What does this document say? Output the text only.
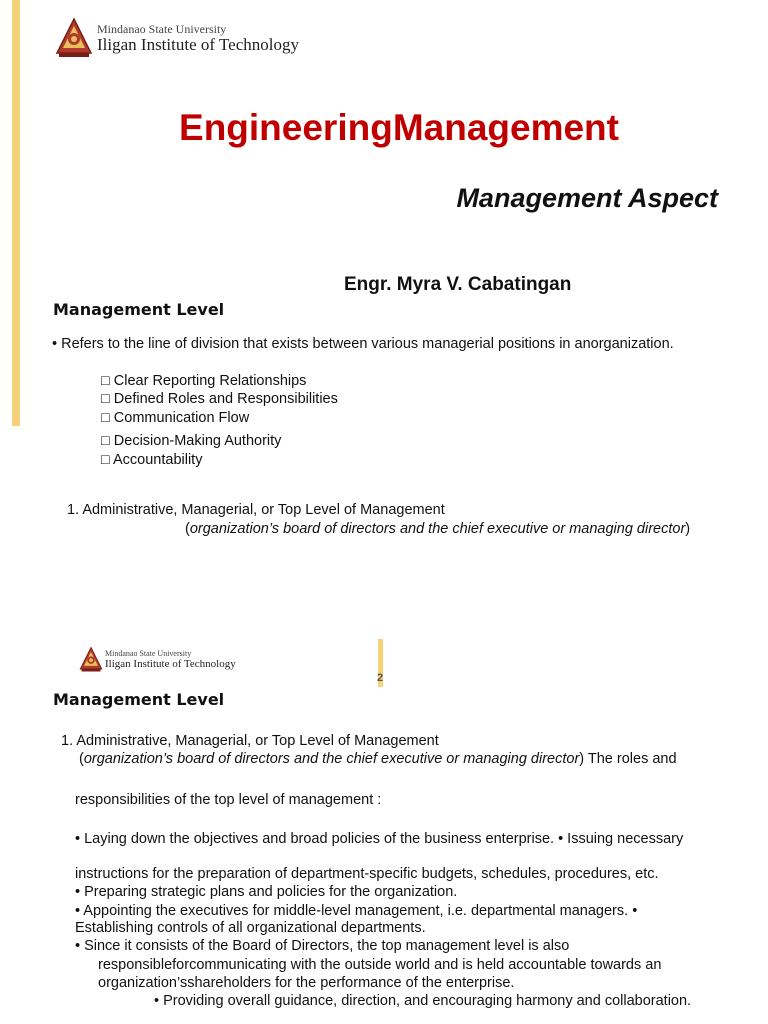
Mindanao State University
Iligan Institute of Technology
EngineeringManagement
Management Aspect
Engr. Myra V. Cabatingan
Management Level
• Refers to the line of division that exists between various managerial positions in anorganization.
□ Clear Reporting Relationships
□ Defined Roles and Responsibilities
□ Communication Flow
□ Decision-Making Authority
□ Accountability
1. Administrative, Managerial, or Top Level of Management
(organization’s board of directors and the chief executive or managing director)
Mindanao State University
Iligan Institute of Technology
2
Management Level
1. Administrative, Managerial, or Top Level of Management
(organization’s board of directors and the chief executive or managing director) The roles and
responsibilities of the top level of management :
• Laying down the objectives and broad policies of the business enterprise. • Issuing necessary
instructions for the preparation of department-specific budgets, schedules, procedures, etc.
• Preparing strategic plans and policies for the organization.
• Appointing the executives for middle-level management, i.e. departmental managers. •
Establishing controls of all organizational departments.
• Since it consists of the Board of Directors, the top management level is also
responsibleforcommunicating with the outside world and is held accountable towards an
organization’sshareholders for the performance of the enterprise.
• Providing overall guidance, direction, and encouraging harmony and collaboration.
